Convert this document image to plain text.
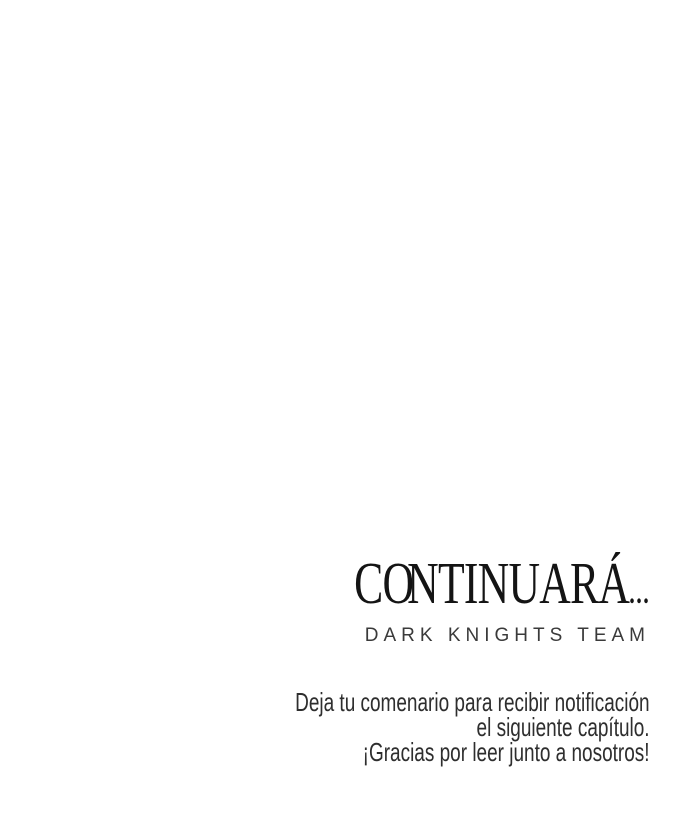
CONTINUARÁ...
DARK KNIGHTS TEAM
Deja tu comenario para recibir notificación
el siguiente capítulo.
¡Gracias por leer junto a nosotros!
